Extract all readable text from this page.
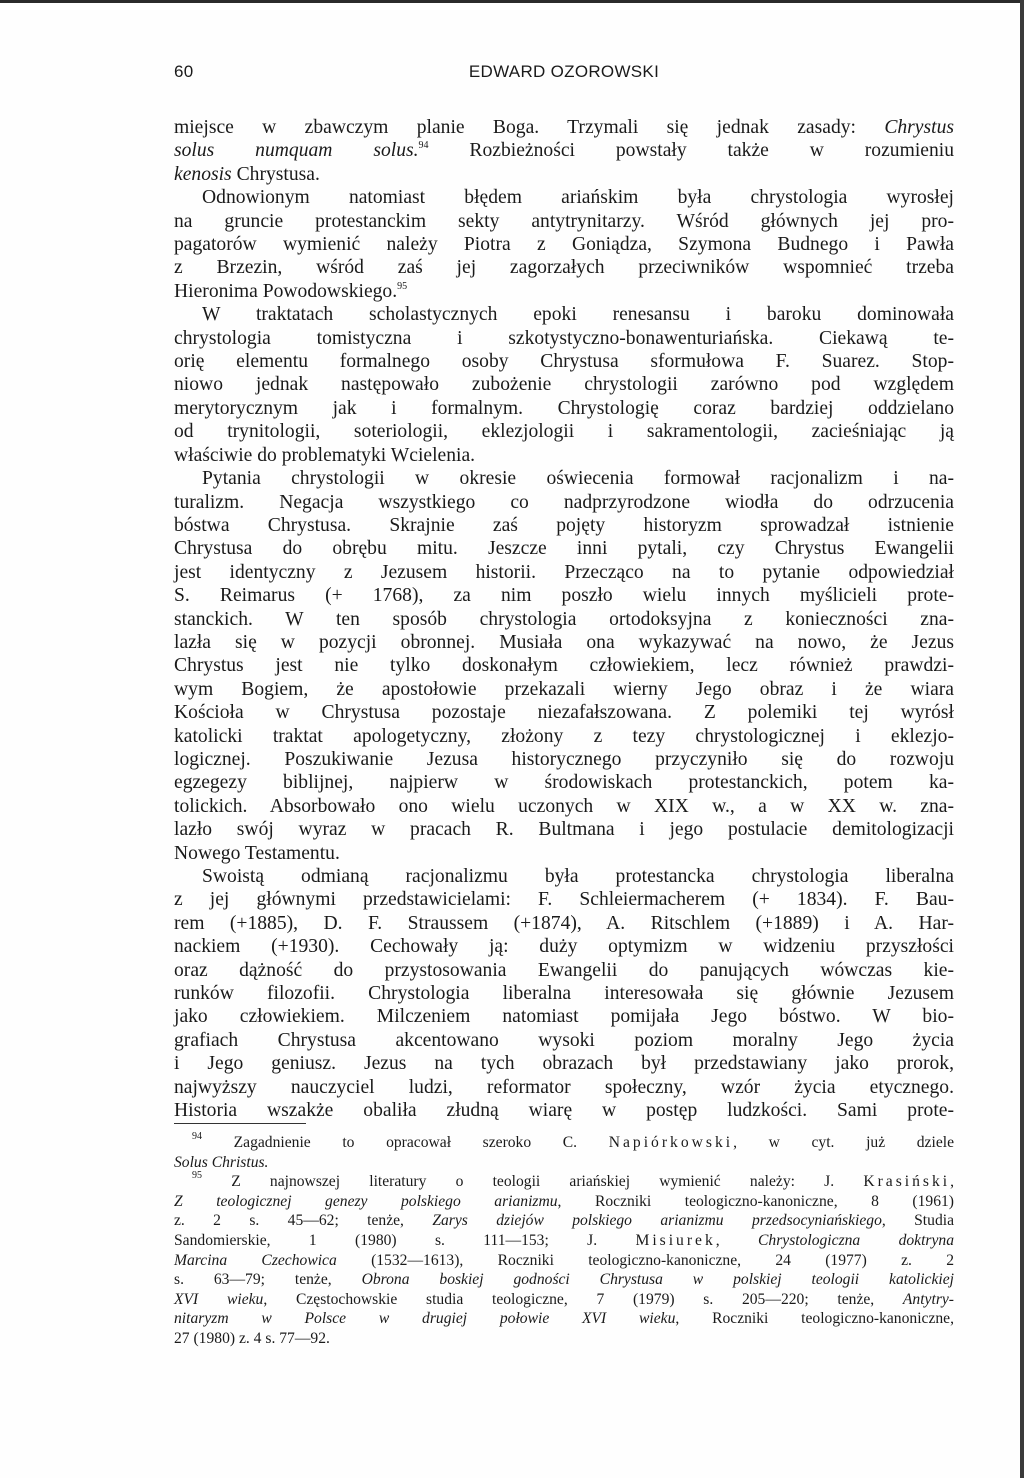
60	EDWARD OZOROWSKI

miejsce w zbawczym planie Boga. Trzymali się jednak zasady: Chrystus
solus numquam solus.$^{94}$ Rozbieżności powstały także w rozumieniu
kenosis Chrystusa.

Odnowionym natomiast błędem ariańskim była chrystologia wyrosłej
na gruncie protestanckim sekty antytrynitarzy. Wśród głównych jej pro-
pagatorów wymienić należy Piotra z Goniądza, Szymona Budnego i Pawła
z Brzezin, wśród zaś jej zagorzałych przeciwników wspomnieć trzeba
Hieronima Powodowskiego.$^{95}$

W traktatach scholastycznych epoki renesansu i baroku dominowała
chrystologia tomistyczna i szkotystyczno-bonawenturiańska. Ciekawą te-
orię elementu formalnego osoby Chrystusa sformułowa F. Suarez. Stop-
niowo jednak następowało zubożenie chrystologii zarówno pod względem
merytorycznym jak i formalnym. Chrystologię coraz bardziej oddzielano
od trynitologii, soteriologii, eklezjologii i sakramentologii, zacieśniając ją
właściwie do problematyki Wcielenia.

Pytania chrystologii w okresie oświecenia formował racjonalizm i na-
turalizm. Negacja wszystkiego co nadprzyrodzone wiodła do odrzucenia
bóstwa Chrystusa. Skrajnie zaś pojęty historyzm sprowadzał istnienie
Chrystusa do obrębu mitu. Jeszcze inni pytali, czy Chrystus Ewangelii
jest identyczny z Jezusem historii. Przecząco na to pytanie odpowiedział
S. Reimarus (+ 1768), za nim poszło wielu innych myślicieli prote-
stanckich. W ten sposób chrystologia ortodoksyjna z konieczności zna-
lazła się w pozycji obronnej. Musiała ona wykazywać na nowo, że Jezus
Chrystus jest nie tylko doskonałym człowiekiem, lecz również prawdzi-
wym Bogiem, że apostołowie przekazali wierny Jego obraz i że wiara
Kościoła w Chrystusa pozostaje niezafałszowana. Z polemiki tej wyrósł
katolicki traktat apologetyczny, złożony z tezy chrystologicznej i eklezjo-
logicznej. Poszukiwanie Jezusa historycznego przyczyniło się do rozwoju
egzegezy biblijnej, najpierw w środowiskach protestanckich, potem ka-
tolickich. Absorbowało ono wielu uczonych w XIX w., a w XX w. zna-
lazło swój wyraz w pracach R. Bultmana i jego postulacie demitologizacji
Nowego Testamentu.

Swoistą odmianą racjonalizmu była protestancka chrystologia liberalna
z jej głównymi przedstawicielami: F. Schleiermacherem (+ 1834). F. Bau-
rem (+1885), D. F. Straussem (+1874), A. Ritschlem (+1889) i A. Har-
nackiem (+1930). Cechowały ją: duży optymizm w widzeniu przyszłości
oraz dążność do przystosowania Ewangelii do panujących wówczas kie-
runków filozofii. Chrystologia liberalna interesowała się głównie Jezusem
jako człowiekiem. Milczeniem natomiast pomijała Jego bóstwo. W bio-
grafiach Chrystusa akcentowano wysoki poziom moralny Jego życia
i Jego geniusz. Jezus na tych obrazach był przedstawiany jako prorok,
najwyższy nauczyciel ludzi, reformator społeczny, wzór życia etycznego.
Historia wszakże obaliła złudną wiarę w postęp ludzkości. Sami prote-

$^{94}$ Zagadnienie to opracował szeroko C. Napiórkowski, w cyt. już dziele
Solus Christus.
$^{95}$ Z najnowszej literatury o teologii ariańskiej wymienić należy: J. Krasiński,
Z teologicznej genezy polskiego arianizmu, Roczniki teologiczno-kanoniczne, 8 (1961)
z. 2 s. 45—62; tenże, Zarys dziejów polskiego arianizmu przedsocyniańskiego, Studia
Sandomierskie, 1 (1980) s. 111—153; J. Misiurek, Chrystologiczna doktryna
Marcina Czechowica (1532—1613), Roczniki teologiczno-kanoniczne, 24 (1977) z. 2
s. 63—79; tenże, Obrona boskiej godności Chrystusa w polskiej teologii katolickiej
XVI wieku, Częstochowskie studia teologiczne, 7 (1979) s. 205—220; tenże, Antytry-
nitaryzm w Polsce w drugiej połowie XVI wieku, Roczniki teologiczno-kanoniczne,
27 (1980) z. 4 s. 77—92.
